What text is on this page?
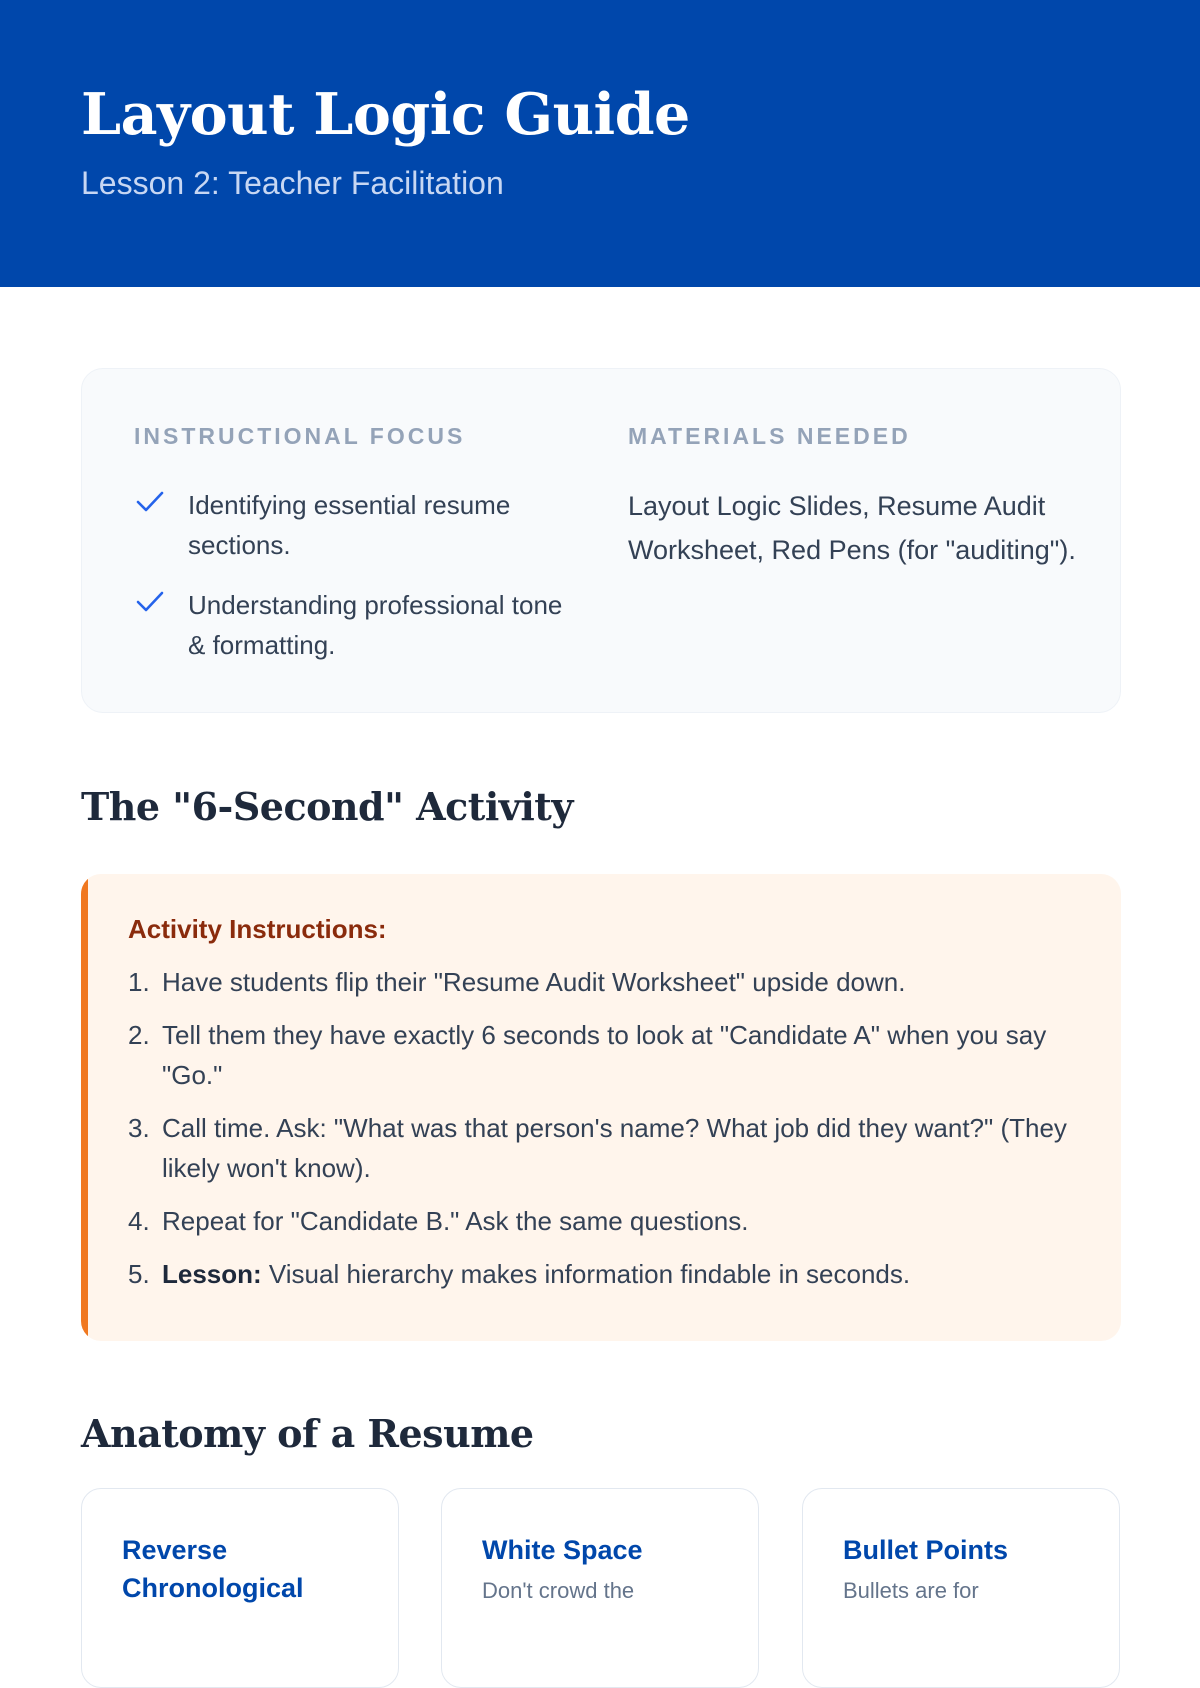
Layout Logic Guide
Lesson 2: Teacher Facilitation
INSTRUCTIONAL FOCUS
Identifying essential resume sections.
Understanding professional tone & formatting.
MATERIALS NEEDED
Layout Logic Slides, Resume Audit Worksheet, Red Pens (for "auditing").
The "6-Second" Activity
Activity Instructions:
1. Have students flip their "Resume Audit Worksheet" upside down.
2. Tell them they have exactly 6 seconds to look at "Candidate A" when you say "Go."
3. Call time. Ask: "What was that person's name? What job did they want?" (They likely won't know).
4. Repeat for "Candidate B." Ask the same questions.
5. Lesson: Visual hierarchy makes information findable in seconds.
Anatomy of a Resume
Reverse Chronological
White Space
Don't crowd the
Bullet Points
Bullets are for
